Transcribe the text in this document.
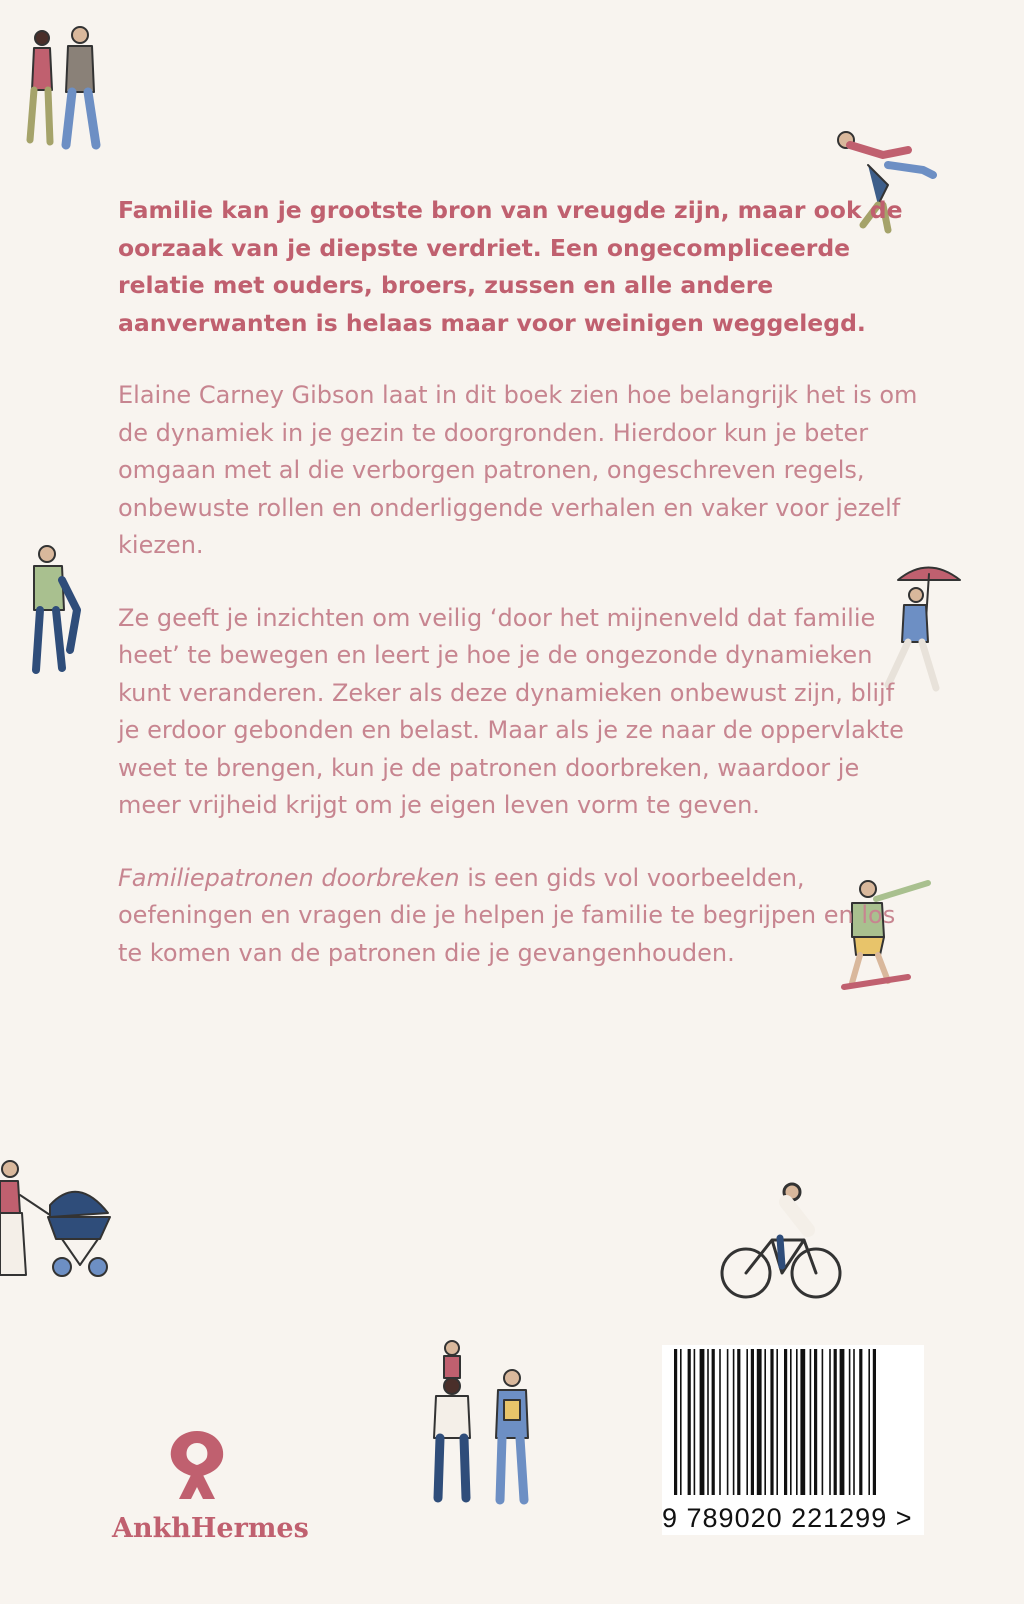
Familie kan je grootste bron van vreugde zijn, maar ook de oorzaak van je diepste verdriet. Een ongecompliceerde relatie met ouders, broers, zussen en alle andere aanverwanten is helaas maar voor weinigen weggelegd.

Elaine Carney Gibson laat in dit boek zien hoe belangrijk het is om de dynamiek in je gezin te doorgronden. Hierdoor kun je beter omgaan met al die verborgen patronen, ongeschreven regels, onbewuste rollen en onderliggende verhalen en vaker voor jezelf kiezen.

Ze geeft je inzichten om veilig ‘door het mijnenveld dat familie heet’ te bewegen en leert je hoe je de ongezonde dynamieken kunt veranderen. Zeker als deze dynamieken onbewust zijn, blijf je erdoor gebonden en belast. Maar als je ze naar de oppervlakte weet te brengen, kun je de patronen doorbreken, waardoor je meer vrijheid krijgt om je eigen leven vorm te geven.

Familiepatronen doorbreken is een gids vol voorbeelden, oefeningen en vragen die je helpen je familie te begrijpen en los te komen van de patronen die je gevangenhouden.

AnkhHermes	9 789020 221299 >
